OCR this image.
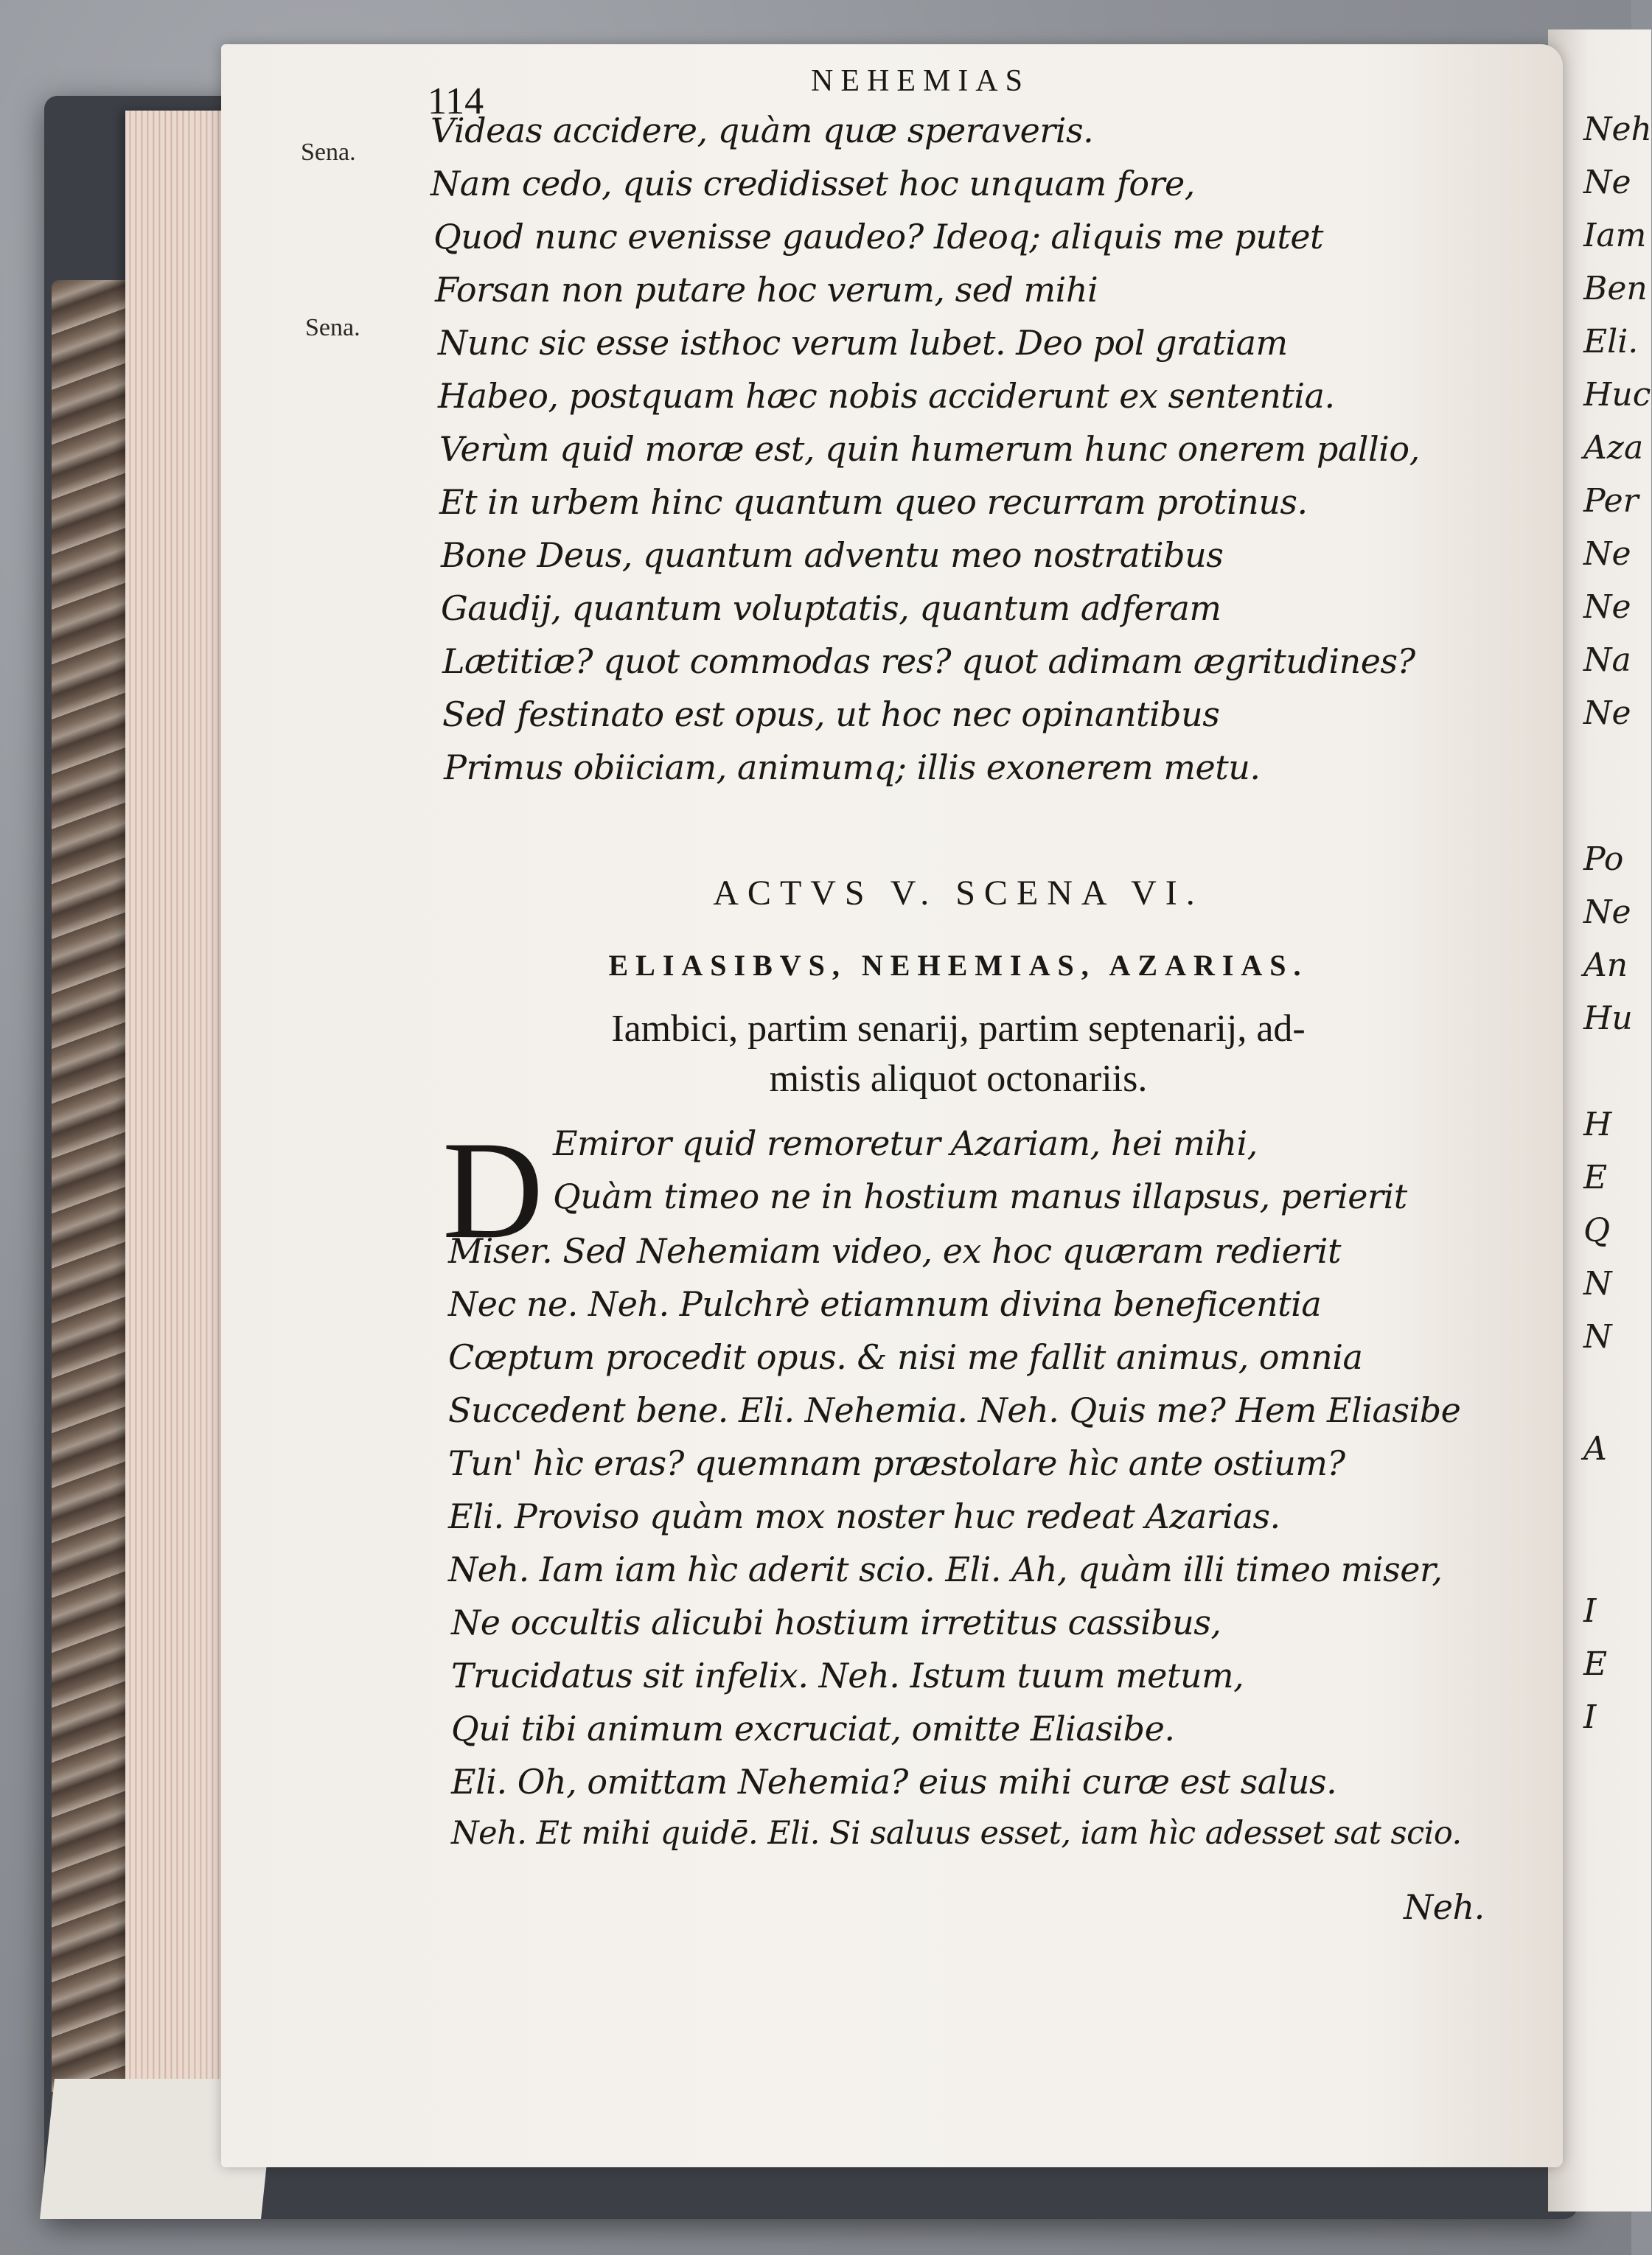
114	NEHEMIAS
Sena.
Sena.
Videas accidere, quàm quæ speraveris.
Nam cedo, quis credidisset hoc unquam fore,
Quod nunc evenisse gaudeo? Ideoq; aliquis me putet
Forsan non putare hoc verum, sed mihi
Nunc sic esse isthoc verum lubet. Deo pol gratiam
Habeo, postquam hæc nobis acciderunt ex sententia.
Verùm quid moræ est, quin humerum hunc onerem pallio,
Et in urbem hinc quantum queo recurram protinus.
Bone Deus, quantum adventu meo nostratibus
Gaudij, quantum voluptatis, quantum adferam
Lætitiæ? quot commodas res? quot adimam ægritudines?
Sed festinato est opus, ut hoc nec opinantibus
Primus obiiciam, animumq; illis exonerem metu.
ACTVS V. SCENA VI.
ELIASIBVS, NEHEMIAS, AZARIAS.
Iambici, partim senarij, partim septenarij, ad-
mistis aliquot octonariis.
D Emiror quid remoretur Azariam, hei mihi,
Quàm timeo ne in hostium manus illapsus, perierit
Miser. Sed Nehemiam video, ex hoc quæram redierit
Nec ne. Neh. Pulchrè etiamnum divina beneficentia
Cœptum procedit opus. & nisi me fallit animus, omnia
Succedent bene. Eli. Nehemia. Neh. Quis me? Hem Eliasibe
Tun' hìc eras? quemnam præstolare hìc ante ostium?
Eli. Proviso quàm mox noster huc redeat Azarias.
Neh. Iam iam hìc aderit scio. Eli. Ah, quàm illi timeo miser,
Ne occultis alicubi hostium irretitus cassibus,
Trucidatus sit infelix. Neh. Istum tuum metum,
Qui tibi animum excruciat, omitte Eliasibe.
Eli. Oh, omittam Nehemia? eius mihi curæ est salus.
Neh. Et mihi quidē. Eli. Si saluus esset, iam hìc adesset sat scio.
Neh.
Neh
Ne
Iam
Ben
Eli.
Huc
Aza
Per
Ne
Ne
Na
Ne
Po
Ne
An
Hu
H
E
Q
N
N
A
I
E
I
